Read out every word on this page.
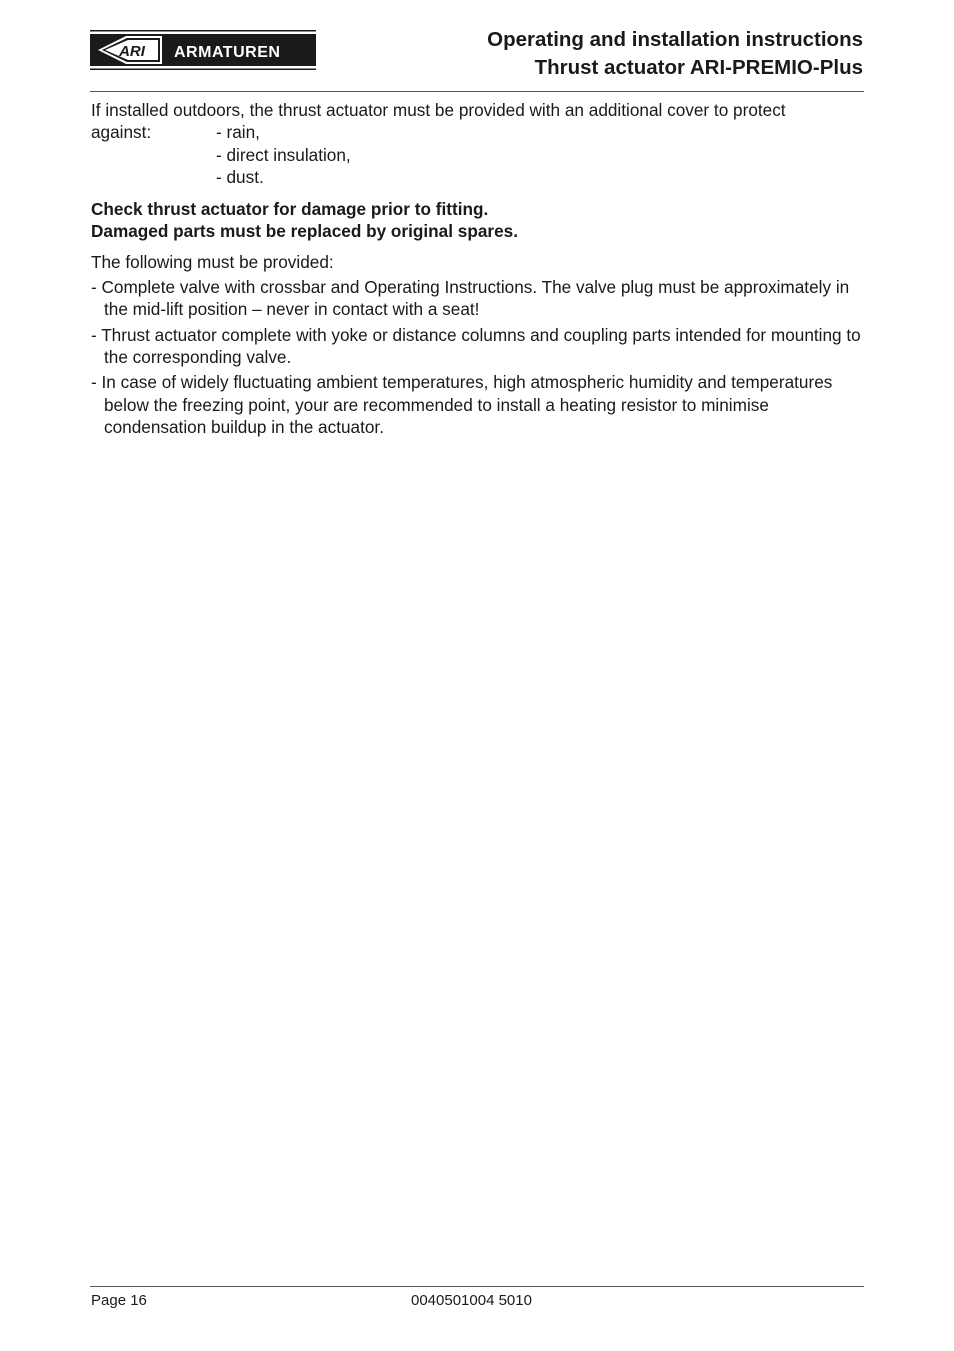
ARI ARMATUREN
Operating and installation instructions
Thrust actuator ARI-PREMIO-Plus
If installed outdoors, the thrust actuator must be provided with an additional cover to protect
against:	- rain,
- direct insulation,
- dust.
Check thrust actuator for damage prior to fitting.
Damaged parts must be replaced by original spares.
The following must be provided:
- Complete valve with crossbar and Operating Instructions. The valve plug must be approximately in the mid-lift position – never in contact with a seat!
- Thrust actuator complete with yoke or distance columns and coupling parts intended for mounting to the corresponding valve.
- In case of widely fluctuating ambient temperatures, high atmospheric humidity and temperatures below the freezing point, your are recommended to install a heating resistor to minimise condensation buildup in the actuator.
Page 16	0040501004 5010
